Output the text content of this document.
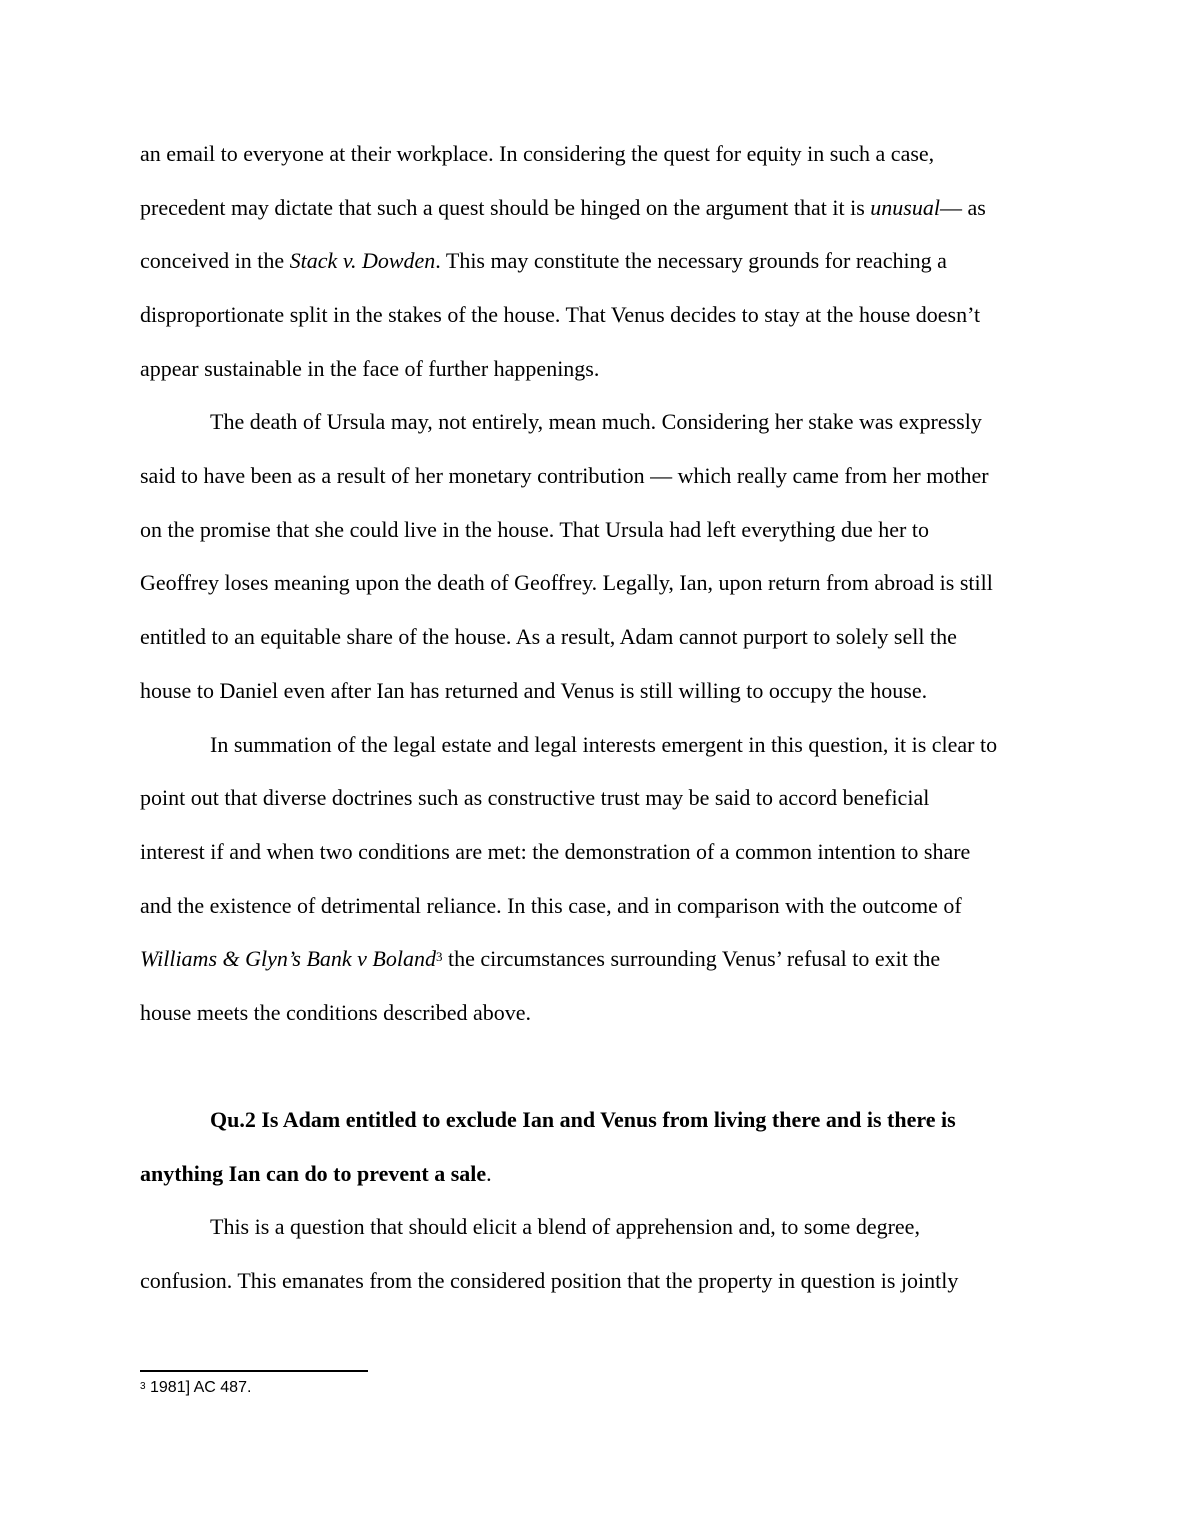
an email to everyone at their workplace. In considering the quest for equity in such a case,

precedent may dictate that such a quest should be hinged on the argument that it is unusual— as

conceived in the Stack v. Dowden. This may constitute the necessary grounds for reaching a

disproportionate split in the stakes of the house. That Venus decides to stay at the house doesn’t

appear sustainable in the face of further happenings.

The death of Ursula may, not entirely, mean much. Considering her stake was expressly

said to have been as a result of her monetary contribution — which really came from her mother

on the promise that she could live in the house. That Ursula had left everything due her to

Geoffrey loses meaning upon the death of Geoffrey. Legally, Ian, upon return from abroad is still

entitled to an equitable share of the house. As a result, Adam cannot purport to solely sell the

house to Daniel even after Ian has returned and Venus is still willing to occupy the house.

In summation of the legal estate and legal interests emergent in this question, it is clear to

point out that diverse doctrines such as constructive trust may be said to accord beneficial

interest if and when two conditions are met: the demonstration of a common intention to share

and the existence of detrimental reliance. In this case, and in comparison with the outcome of

Williams & Glyn’s Bank v Boland$^3$ the circumstances surrounding Venus’ refusal to exit the

house meets the conditions described above.

Qu.2 Is Adam entitled to exclude Ian and Venus from living there and is there is

anything Ian can do to prevent a sale.

This is a question that should elicit a blend of apprehension and, to some degree,

confusion. This emanates from the considered position that the property in question is jointly

$^3$ 1981] AC 487.
